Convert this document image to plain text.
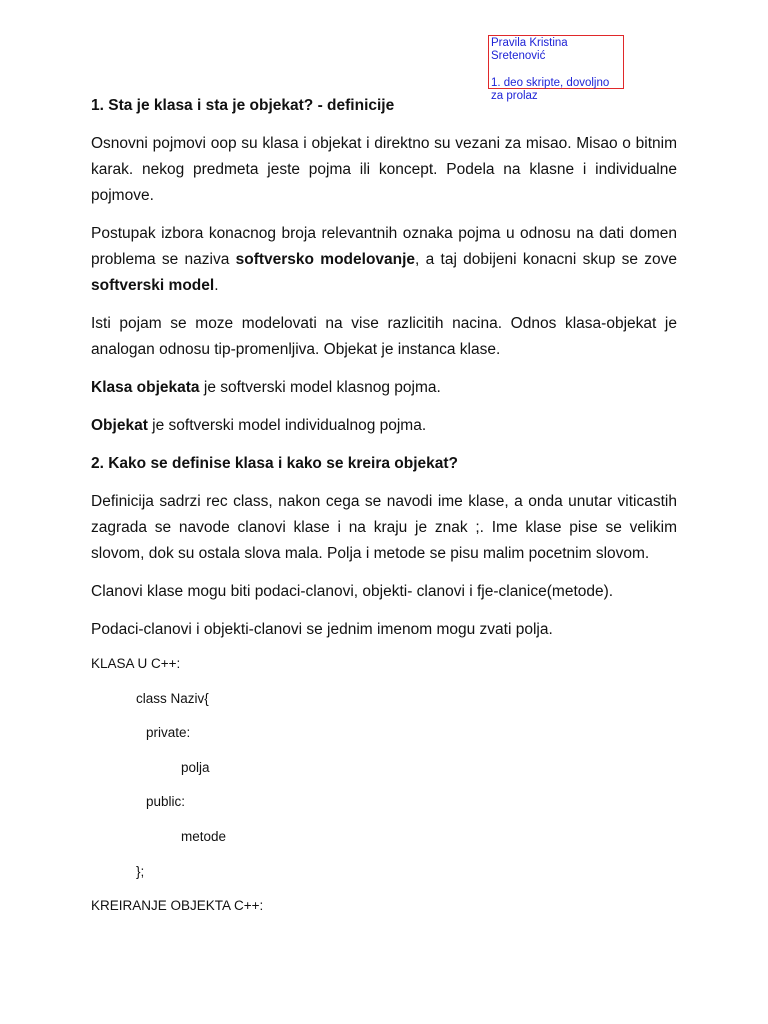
Pravila Kristina Sretenović
1. deo skripte, dovoljno za prolaz
1. Sta je klasa i sta je objekat? - definicije

Osnovni pojmovi oop su klasa i objekat i direktno su vezani za misao. Misao o bitnim karak. nekog predmeta jeste pojma ili koncept. Podela na klasne i individualne pojmove.

Postupak izbora konacnog broja relevantnih oznaka pojma u odnosu na dati domen problema se naziva softversko modelovanje, a taj dobijeni konacni skup se zove softverski model.

Isti pojam se moze modelovati na vise razlicitih nacina. Odnos klasa-objekat je analogan odnosu tip-promenljiva. Objekat je instanca klase.

Klasa objekata je softverski model klasnog pojma.

Objekat je softverski model individualnog pojma.

2. Kako se definise klasa i kako se kreira objekat?

Definicija sadrzi rec class, nakon cega se navodi ime klase, a onda unutar viticastih zagrada se navode clanovi klase i na kraju je znak ;. Ime klase pise se velikim slovom, dok su ostala slova mala. Polja i metode se pisu malim pocetnim slovom.

Clanovi klase mogu biti podaci-clanovi, objekti- clanovi i fje-clanice(metode).

Podaci-clanovi i objekti-clanovi se jednim imenom mogu zvati polja.

KLASA U C++:
class Naziv{
private:
polja
public:
metode
};
KREIRANJE OBJEKTA C++:
